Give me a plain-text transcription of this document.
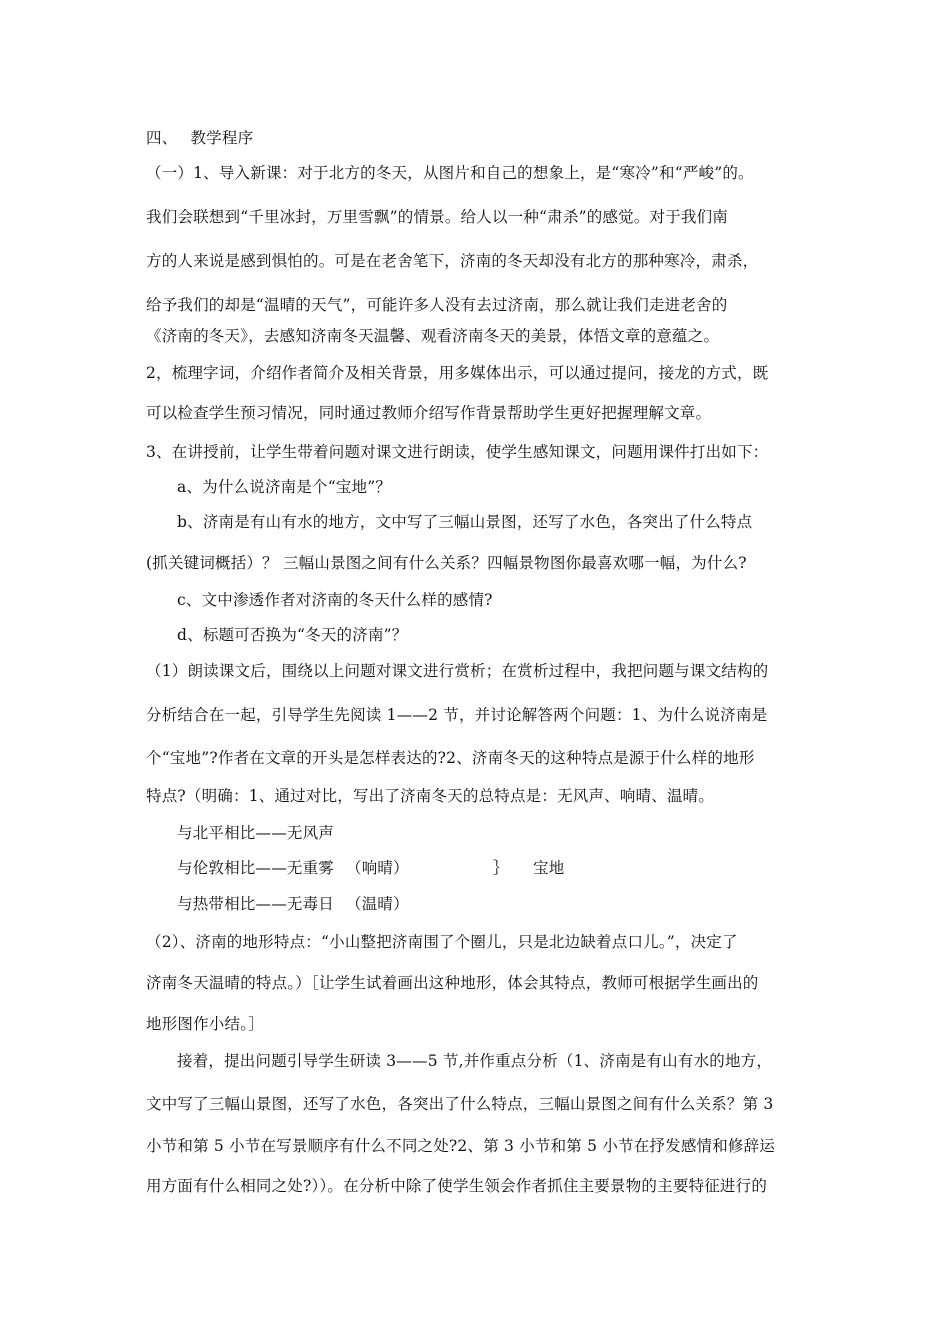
四、　 教学程序
（一）1、导入新课：对于北方的冬天，从图片和自己的想象上，是“寒冷”和“严峻”的。
我们会联想到“千里冰封，万里雪飘”的情景。给人以一种“肃杀”的感觉。对于我们南
方的人来说是感到惧怕的。可是在老舍笔下，济南的冬天却没有北方的那种寒冷，肃杀，
给予我们的却是“温晴的天气”，可能许多人没有去过济南，那么就让我们走进老舍的
《济南的冬天》，去感知济南冬天温馨、观看济南冬天的美景，体悟文章的意蕴之。
2，梳理字词，介绍作者简介及相关背景，用多媒体出示，可以通过提问，接龙的方式，既
可以检查学生预习情况，同时通过教师介绍写作背景帮助学生更好把握理解文章。
3、在讲授前，让学生带着问题对课文进行朗读，使学生感知课文，问题用课件打出如下：
a、为什么说济南是个“宝地”？
b、济南是有山有水的地方，文中写了三幅山景图，还写了水色，各突出了什么特点
(抓关键词概括）？ 三幅山景图之间有什么关系？四幅景物图你最喜欢哪一幅，为什么?
c、文中渗透作者对济南的冬天什么样的感情?
d、标题可否换为“冬天的济南”？
（1）朗读课文后，围绕以上问题对课文进行赏析；在赏析过程中，我把问题与课文结构的
分析结合在一起，引导学生先阅读 1——2 节，并讨论解答两个问题：1、为什么说济南是
个“宝地”?作者在文章的开头是怎样表达的?2、济南冬天的这种特点是源于什么样的地形
特点?（明确：1、通过对比，写出了济南冬天的总特点是：无风声、响晴、温晴。
与北平相比——无风声
与伦敦相比——无重雾 （响晴）	｝ 宝地
与热带相比——无毒日 （温晴）
（2）、济南的地形特点：“小山整把济南围了个圈儿，只是北边缺着点口儿。”，决定了
济南冬天温晴的特点。）［让学生试着画出这种地形，体会其特点，教师可根据学生画出的
地形图作小结。］
接着，提出问题引导学生研读 3——5 节,并作重点分析（1、济南是有山有水的地方，
文中写了三幅山景图，还写了水色，各突出了什么特点，三幅山景图之间有什么关系？第 3
小节和第 5 小节在写景顺序有什么不同之处?2、第 3 小节和第 5 小节在抒发感情和修辞运
用方面有什么相同之处?））。在分析中除了使学生领会作者抓住主要景物的主要特征进行的
